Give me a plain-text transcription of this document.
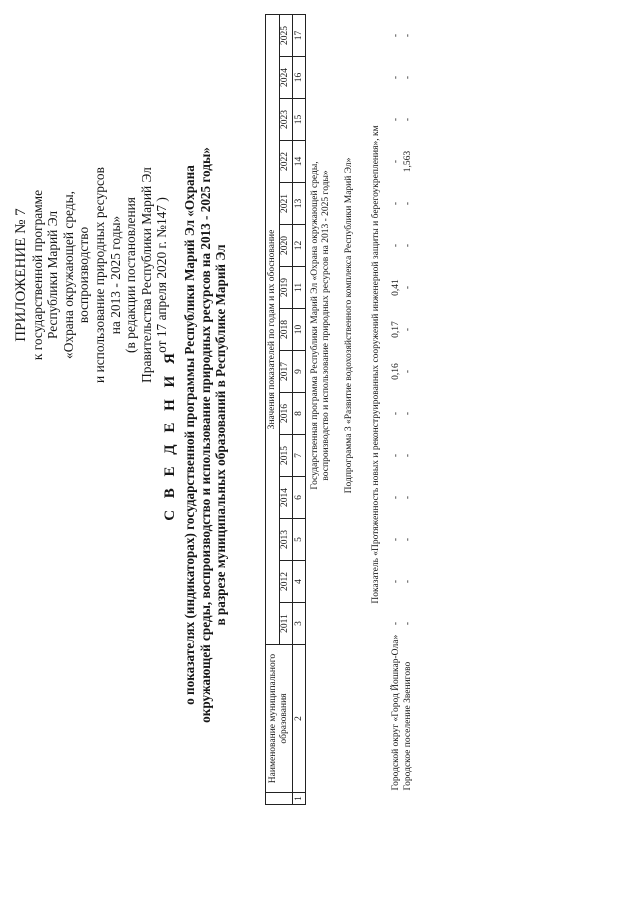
ПРИЛОЖЕНИЕ № 7 к государственной программе Республики Марий Эл «Охрана окружающей среды, воспроизводство и использование природных ресурсов на 2013 - 2025 годы» (в редакции постановления Правительства Республики Марий Эл от 17 апреля 2020 г. №147 )
С В Е Д Е Н И Я о показателях (индикаторах) государственной программы Республики Марий Эл «Охрана окружающей среды, воспроизводство и использование природных ресурсов на 2013 - 2025 годы» в разрезе муниципальных образований в Республике Марий Эл
	Наименование муниципального образования	Значения показателей по годам и их обоснование														
		2011	2012	2013	2014	2015	2016	2017	2018	2019	2020	2021	2022	2023	2024	2025
1	2	3	4	5	6	7	8	9	10	11	12	13	14	15	16	17

		Государственная программа Республики Марий Эл «Охрана окружающей среды, воспроизводство и использование природных ресурсов на 2013 - 2025 годы»														

		Подпрограмма 3 «Развитие водохозяйственного комплекса Республики Марий Эл»														
Показатель «Протяженность новых и реконструированных сооружений инженерной защиты и берегоукрепления», км																
	Городской округ «Город Йошкар-Ола»	-	-	-	-	-	-	0,16	0,17	0,41	-	-	-	-	-	-
	Городское поселение Звенигово	-	-	-	-	-	-	-	-	-	-	-	1,563	-	-	-
